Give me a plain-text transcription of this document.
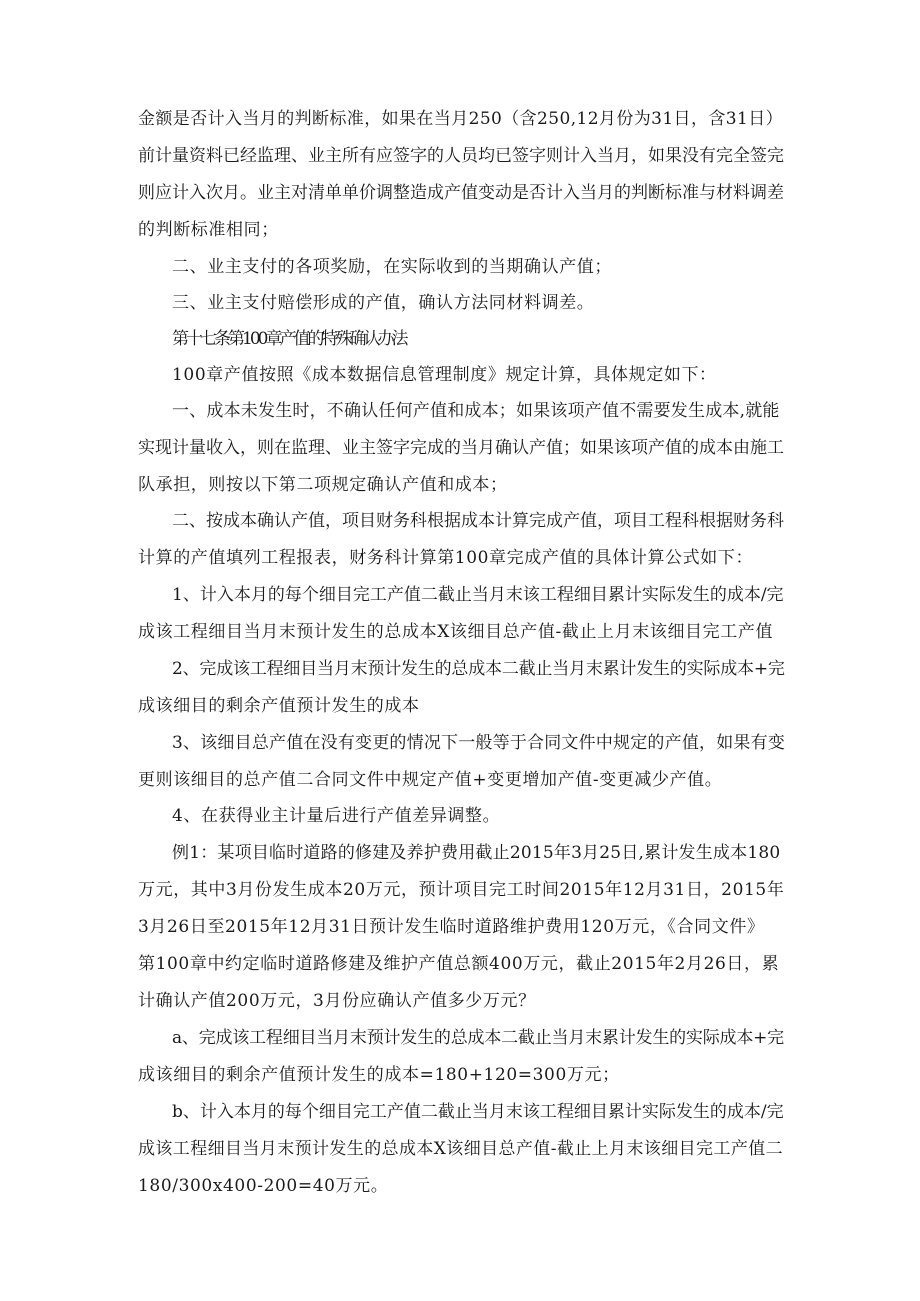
金额是否计入当月的判断标准，如果在当月250（含250,12月份为31日，含31日）
前计量资料已经监理、业主所有应签字的人员均已签字则计入当月，如果没有完全签完
则应计入次月。业主对清单单价调整造成产值变动是否计入当月的判断标准与材料调差
的判断标准相同；
二、业主支付的各项奖励，在实际收到的当期确认产值；
三、业主支付赔偿形成的产值，确认方法同材料调差。
第十七条第100章产值的特殊确认办法
100章产值按照《成本数据信息管理制度》规定计算，具体规定如下：
一、成本未发生时，不确认任何产值和成本；如果该项产值不需要发生成本,就能
实现计量收入，则在监理、业主签字完成的当月确认产值；如果该项产值的成本由施工
队承担，则按以下第二项规定确认产值和成本；
二、按成本确认产值，项目财务科根据成本计算完成产值，项目工程科根据财务科
计算的产值填列工程报表，财务科计算第100章完成产值的具体计算公式如下：
1、计入本月的每个细目完工产值二截止当月末该工程细目累计实际发生的成本/完
成该工程细目当月末预计发生的总成本X该细目总产值-截止上月末该细目完工产值
2、完成该工程细目当月末预计发生的总成本二截止当月末累计发生的实际成本+完
成该细目的剩余产值预计发生的成本
3、该细目总产值在没有变更的情况下一般等于合同文件中规定的产值，如果有变
更则该细目的总产值二合同文件中规定产值+变更增加产值-变更减少产值。
4、在获得业主计量后进行产值差异调整。
例1：某项目临时道路的修建及养护费用截止2015年3月25日,累计发生成本180
万元，其中3月份发生成本20万元，预计项目完工时间2015年12月31日，2015年
3月26日至2015年12月31日预计发生临时道路维护费用120万元，《合同文件》
第100章中约定临时道路修建及维护产值总额400万元，截止2015年2月26日，累
计确认产值200万元，3月份应确认产值多少万元？
a、完成该工程细目当月末预计发生的总成本二截止当月末累计发生的实际成本+完
成该细目的剩余产值预计发生的成本=180+120=300万元；
b、计入本月的每个细目完工产值二截止当月末该工程细目累计实际发生的成本/完
成该工程细目当月末预计发生的总成本X该细目总产值-截止上月末该细目完工产值二
180/300x400-200=40万元。
